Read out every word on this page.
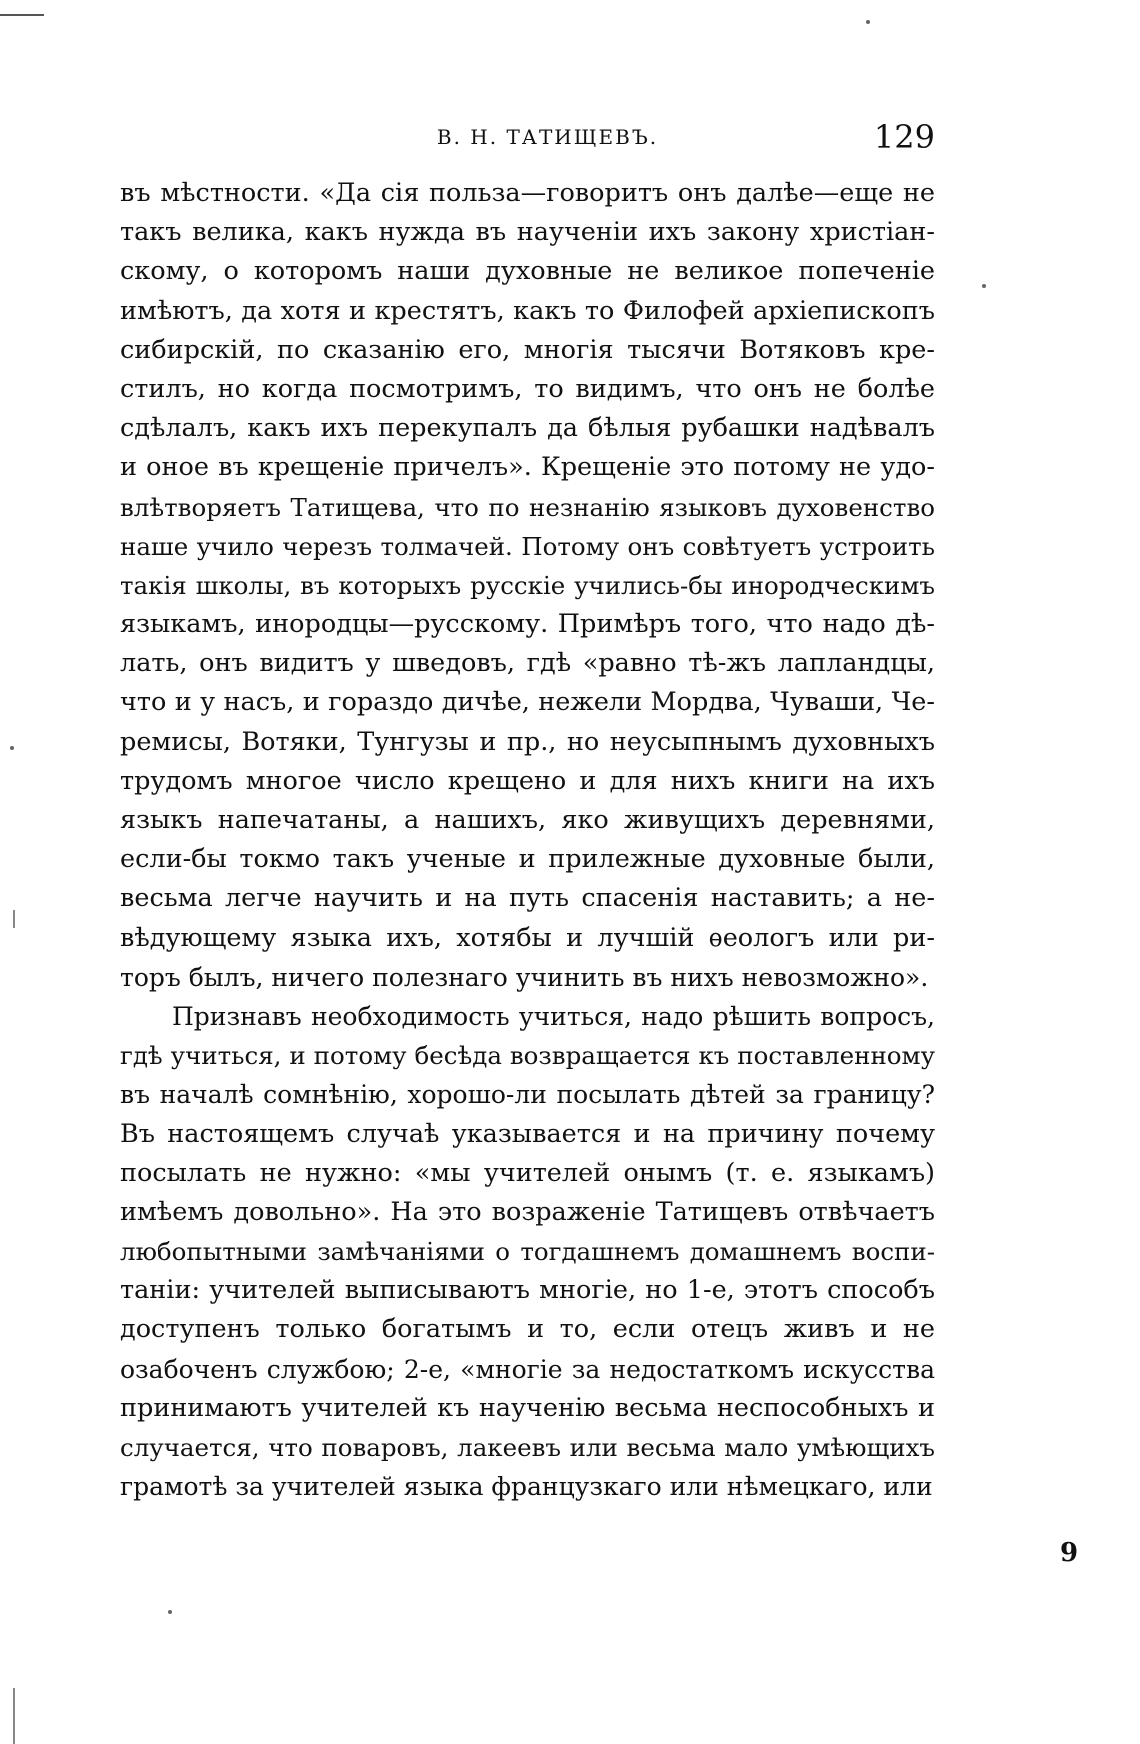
В. Н. ТАТИЩЕВЪ.	129
въ мѣстности. «Да сія польза—говоритъ онъ далѣе—еще не
такъ велика, какъ нужда въ наученіи ихъ закону христіан-
скому, о которомъ наши духовные не великое попеченіе
имѣютъ, да хотя и крестятъ, какъ то Филофей архіепископъ
сибирскій, по сказанію его, многія тысячи Вотяковъ кре-
стилъ, но когда посмотримъ, то видимъ, что онъ не болѣе
сдѣлалъ, какъ ихъ перекупалъ да бѣлыя рубашки надѣвалъ
и оное въ крещеніе причелъ». Крещеніе это потому не удо-
влѣтворяетъ Татищева, что по незнанію языковъ духовенство
наше учило черезъ толмачей. Потому онъ совѣтуетъ устроить
такія школы, въ которыхъ русскіе учились-бы инородческимъ
языкамъ, инородцы—русскому. Примѣръ того, что надо дѣ-
лать, онъ видитъ у шведовъ, гдѣ «равно тѣ-жъ лапландцы,
что и у насъ, и гораздо дичѣе, нежели Мордва, Чуваши, Че-
ремисы, Вотяки, Тунгузы и пр., но неусыпнымъ духовныхъ
трудомъ многое число крещено и для нихъ книги на ихъ
языкъ напечатаны, а нашихъ, яко живущихъ деревнями,
если-бы токмо такъ ученые и прилежные духовные были,
весьма легче научить и на путь спасенія наставить; а не-
вѣдующему языка ихъ, хотябы и лучшій ѳеологъ или ри-
торъ былъ, ничего полезнаго учинить въ нихъ невозможно».
Признавъ необходимость учиться, надо рѣшить вопросъ,
гдѣ учиться, и потому бесѣда возвращается къ поставленному
въ началѣ сомнѣнію, хорошо-ли посылать дѣтей за границу?
Въ настоящемъ случаѣ указывается и на причину почему
посылать не нужно: «мы учителей онымъ (т. е. языкамъ)
имѣемъ довольно». На это возраженіе Татищевъ отвѣчаетъ
любопытными замѣчаніями о тогдашнемъ домашнемъ воспи-
таніи: учителей выписываютъ многіе, но 1-е, этотъ способъ
доступенъ только богатымъ и то, если отецъ живъ и не
озабоченъ службою; 2-е, «многіе за недостаткомъ искусства
принимаютъ учителей къ наученію весьма неспособныхъ и
случается, что поваровъ, лакеевъ или весьма мало умѣющихъ
грамотѣ за учителей языка французкаго или нѣмецкаго, или
9
